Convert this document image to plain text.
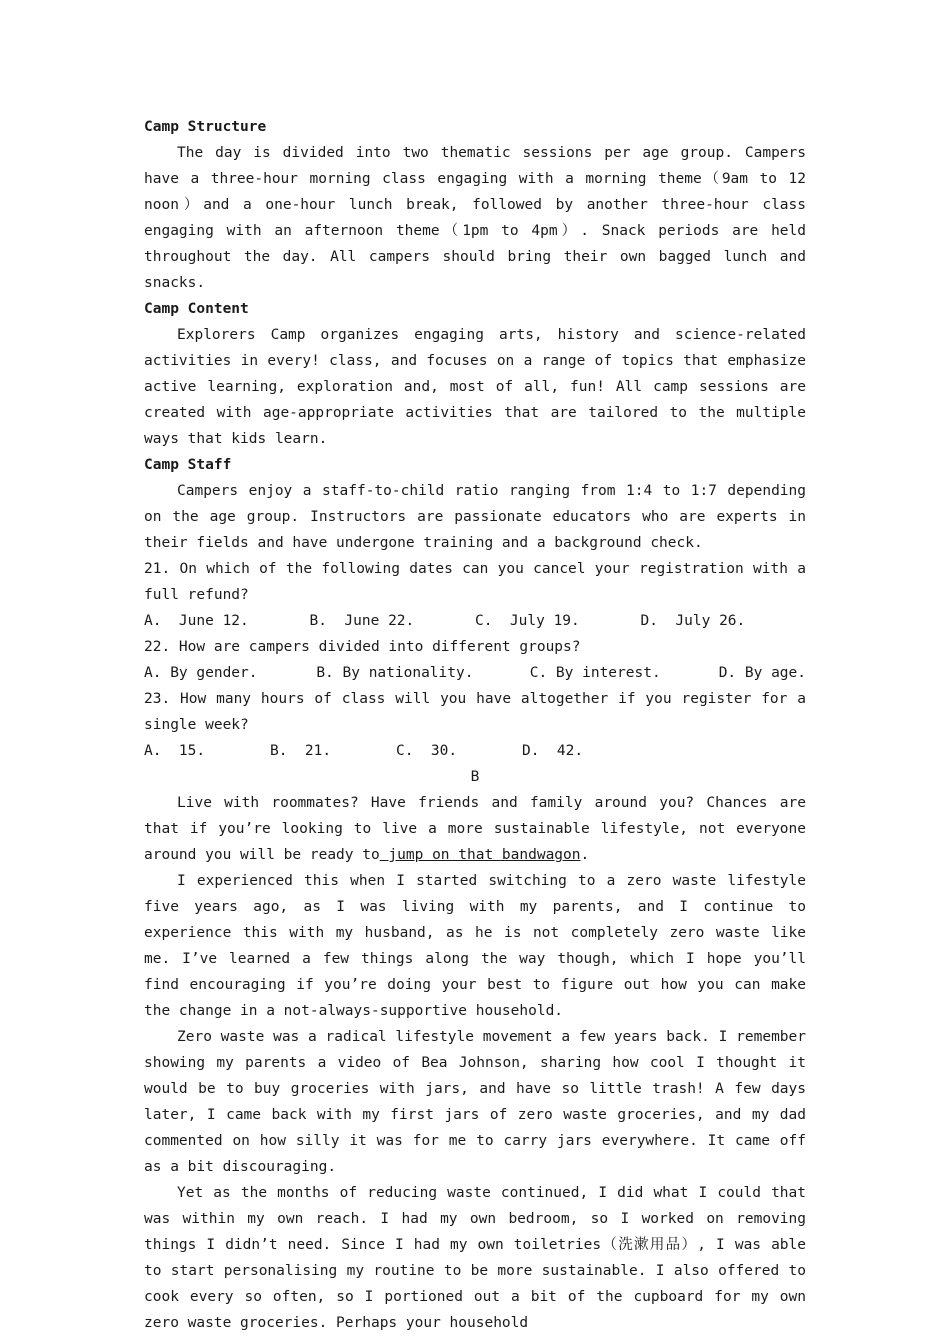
Camp Structure

The day is divided into two thematic sessions per age group. Campers have a three-hour morning class engaging with a morning theme（9am to 12 noon）and a one-hour lunch break, followed by another three-hour class engaging with an afternoon theme（1pm to 4pm）. Snack periods are held throughout the day. All campers should bring their own bagged lunch and snacks.

Camp Content

Explorers Camp organizes engaging arts, history and science-related activities in every! class, and focuses on a range of topics that emphasize active learning, exploration and, most of all, fun! All camp sessions are created with age-appropriate activities that are tailored to the multiple ways that kids learn.

Camp Staff

Campers enjoy a staff-to-child ratio ranging from 1:4 to 1:7 depending on the age group. Instructors are passionate educators who are experts in their fields and have undergone training and a background check.

21. On which of the following dates can you cancel your registration with a full refund?

A.  June 12.	B.  June 22.	C.  July 19.	D.  July 26.

22. How are campers divided into different groups?

A. By gender.	B. By nationality.	C. By interest.	D. By age.

23. How many hours of class will you have altogether if you register for a single week?

A.  15.	B.  21.	C.  30.	D.  42.

B

Live with roommates? Have friends and family around you? Chances are that if you’re looking to live a more sustainable lifestyle, not everyone around you will be ready to jump on that bandwagon.

I experienced this when I started switching to a zero waste lifestyle five years ago, as I was living with my parents, and I continue to experience this with my husband, as he is not completely zero waste like me. I’ve learned a few things along the way though, which I hope you’ll find encouraging if you’re doing your best to figure out how you can make the change in a not-always-supportive household.

Zero waste was a radical lifestyle movement a few years back. I remember showing my parents a video of Bea Johnson, sharing how cool I thought it would be to buy groceries with jars, and have so little trash! A few days later, I came back with my first jars of zero waste groceries, and my dad commented on how silly it was for me to carry jars everywhere. It came off as a bit discouraging.

Yet as the months of reducing waste continued, I did what I could that was within my own reach. I had my own bedroom, so I worked on removing things I didn’t need. Since I had my own toiletries（洗漱用品）, I was able to start personalising my routine to be more sustainable. I also offered to cook every so often, so I portioned out a bit of the cupboard for my own zero waste groceries. Perhaps your household
